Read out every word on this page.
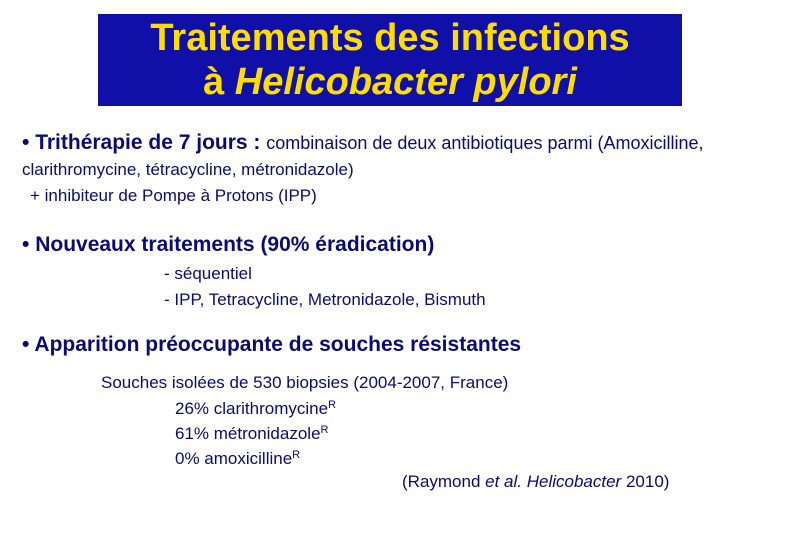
Traitements des infections
à Helicobacter pylori
• Trithérapie de 7 jours : combinaison de deux antibiotiques parmi (Amoxicilline,
clarithromycine, tétracycline, métronidazole)
+ inhibiteur de Pompe à Protons (IPP)
• Nouveaux traitements (90% éradication)
- séquentiel
- IPP, Tetracycline, Metronidazole, Bismuth
• Apparition préoccupante de souches résistantes
Souches isolées de 530 biopsies (2004-2007, France)
26% clarithromycine$^R$
61% métronidazole$^R$
0% amoxicilline$^R$
(Raymond et al. Helicobacter 2010)
